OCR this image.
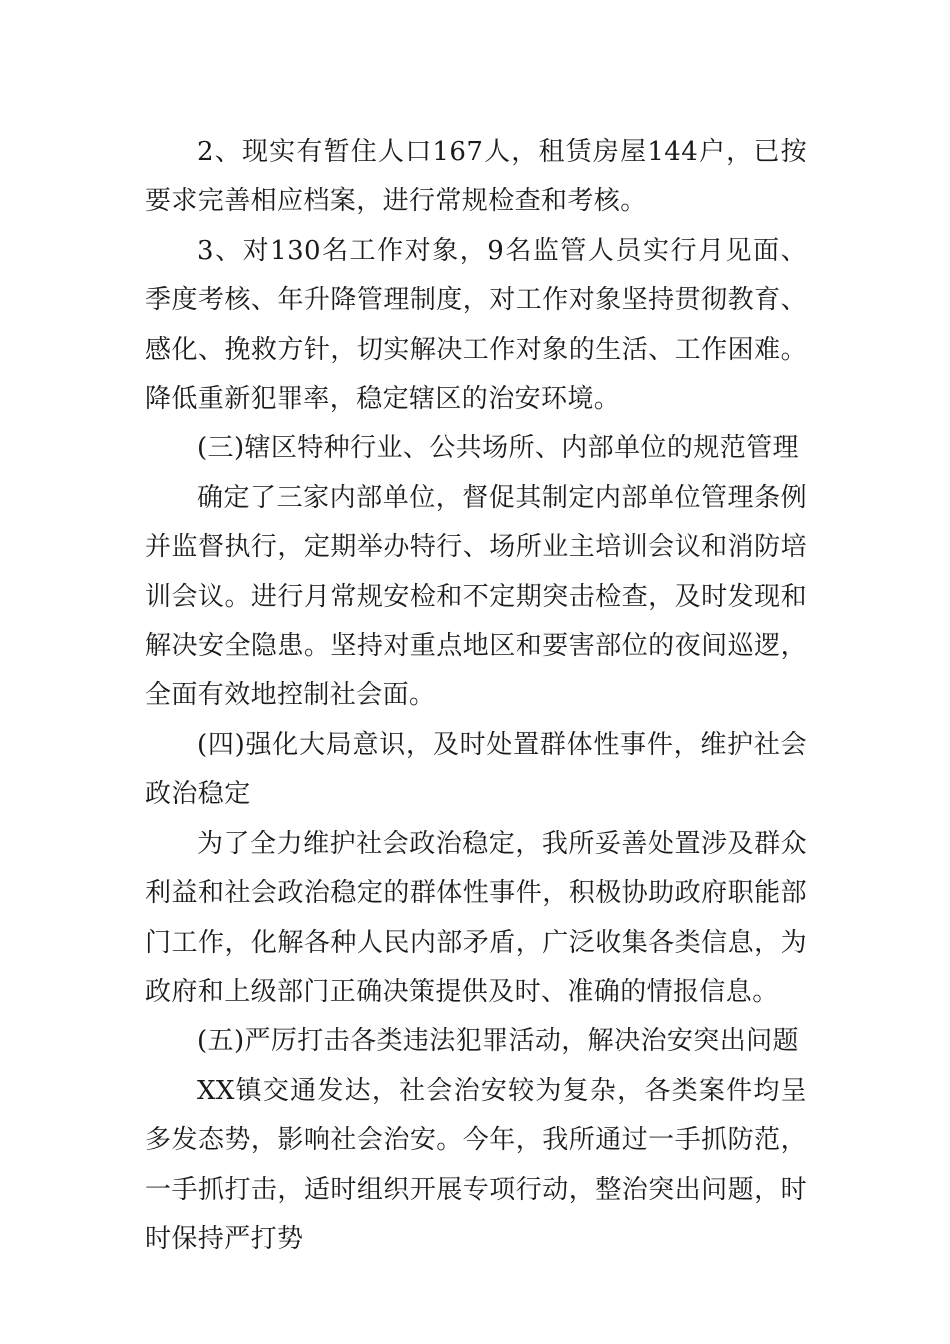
2、现实有暂住人口167人，租赁房屋144户，已按要求完善相应档案，进行常规检查和考核。

3、对130名工作对象，9名监管人员实行月见面、季度考核、年升降管理制度，对工作对象坚持贯彻教育、感化、挽救方针，切实解决工作对象的生活、工作困难。降低重新犯罪率，稳定辖区的治安环境。

(三)辖区特种行业、公共场所、内部单位的规范管理

确定了三家内部单位，督促其制定内部单位管理条例并监督执行，定期举办特行、场所业主培训会议和消防培训会议。进行月常规安检和不定期突击检查，及时发现和解决安全隐患。坚持对重点地区和要害部位的夜间巡逻，全面有效地控制社会面。

(四)强化大局意识，及时处置群体性事件，维护社会政治稳定

为了全力维护社会政治稳定，我所妥善处置涉及群众利益和社会政治稳定的群体性事件，积极协助政府职能部门工作，化解各种人民内部矛盾，广泛收集各类信息，为政府和上级部门正确决策提供及时、准确的情报信息。

(五)严厉打击各类违法犯罪活动，解决治安突出问题

XX镇交通发达，社会治安较为复杂，各类案件均呈多发态势，影响社会治安。今年，我所通过一手抓防范，一手抓打击，适时组织开展专项行动，整治突出问题，时时保持严打势
